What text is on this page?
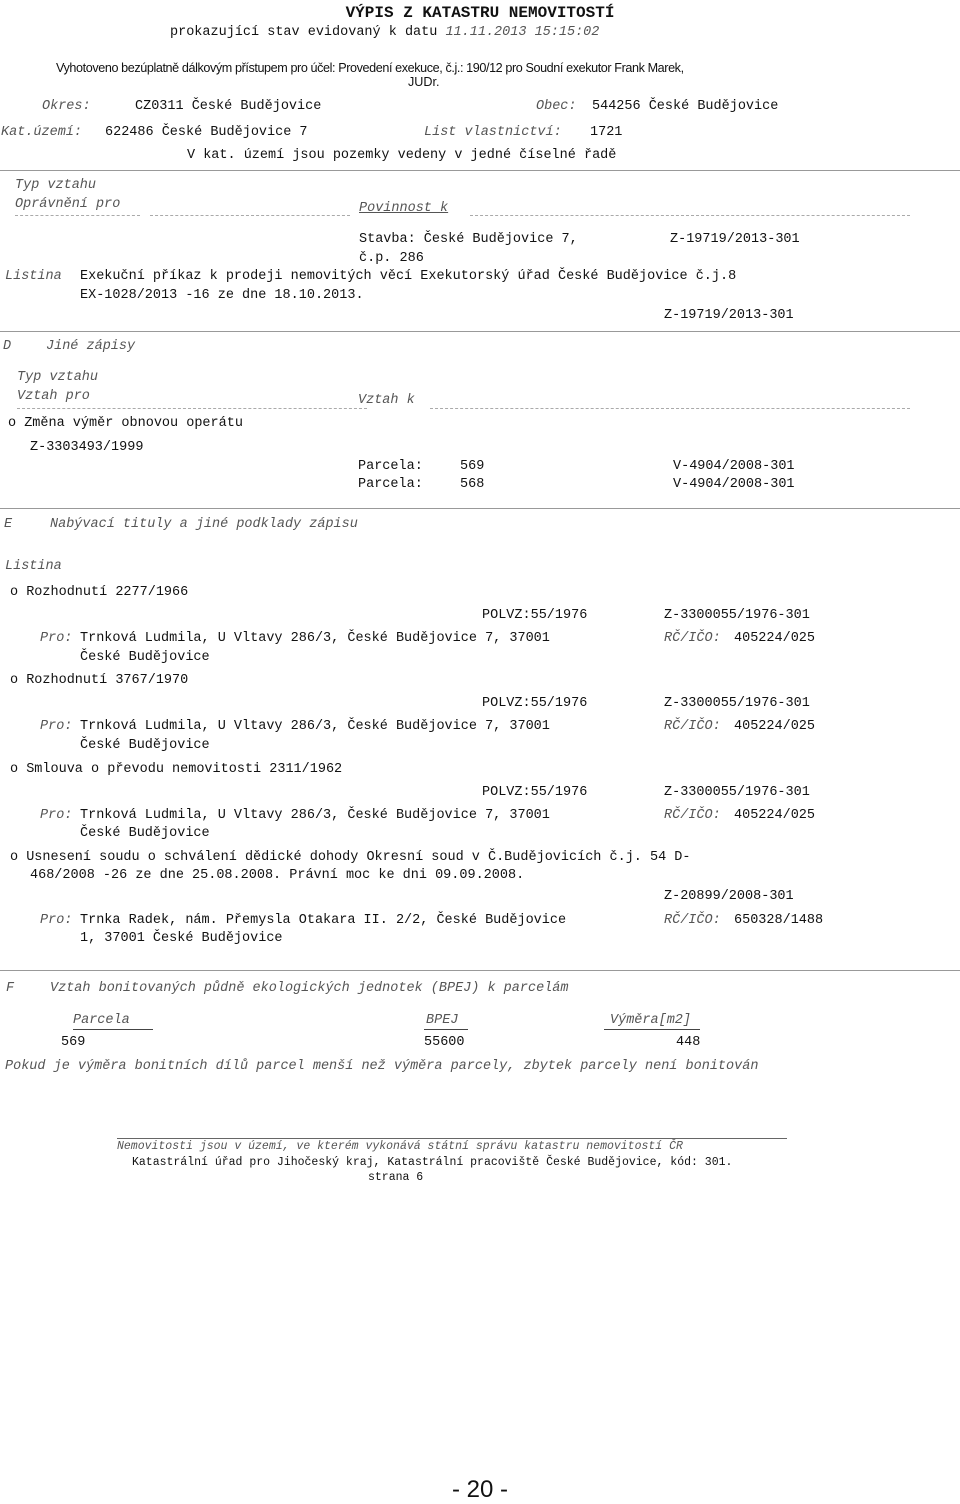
VÝPIS Z KATASTRU NEMOVITOSTÍ
prokazující stav evidovaný k datu 11.11.2013 15:15:02
Vyhotoveno bezúplatně dálkovým přístupem pro účel: Provedení exekuce, č.j.: 190/12 pro Soudní exekutor Frank Marek,
JUDr.
Okres:	CZ0311 České Budějovice	Obec: 544256 České Budějovice
Kat.území: 622486 České Budějovice 7	List vlastnictví: 1721
V kat. území jsou pozemky vedeny v jedné číselné řadě
Typ vztahu
Oprávnění pro	Povinnost k
Stavba: České Budějovice 7,	Z-19719/2013-301
č.p. 286
Listina Exekuční příkaz k prodeji nemovitých věcí Exekutorský úřad České Budějovice č.j.8
EX-1028/2013 -16 ze dne 18.10.2013.
Z-19719/2013-301
D	Jiné zápisy
Typ vztahu
Vztah pro	Vztah k
o Změna výměr obnovou operátu
Z-3303493/1999
Parcela:	569	V-4904/2008-301
Parcela:	568	V-4904/2008-301
E	Nabývací tituly a jiné podklady zápisu
Listina
o Rozhodnutí 2277/1966
POLVZ:55/1976	Z-3300055/1976-301
Pro: Trnková Ludmila, U Vltavy 286/3, České Budějovice 7, 37001
České Budějovice
RČ/IČO: 405224/025
o Rozhodnutí 3767/1970
POLVZ:55/1976	Z-3300055/1976-301
Pro: Trnková Ludmila, U Vltavy 286/3, České Budějovice 7, 37001
České Budějovice
RČ/IČO: 405224/025
o Smlouva o převodu nemovitosti 2311/1962
POLVZ:55/1976	Z-3300055/1976-301
Pro: Trnková Ludmila, U Vltavy 286/3, České Budějovice 7, 37001
České Budějovice
RČ/IČO: 405224/025
o Usnesení soudu o schválení dědické dohody Okresní soud v Č.Budějovicích č.j. 54 D-
468/2008 -26 ze dne 25.08.2008. Právní moc ke dni 09.09.2008.
Z-20899/2008-301
Pro: Trnka Radek, nám. Přemysla Otakara II. 2/2, České Budějovice
1, 37001 České Budějovice
RČ/IČO: 650328/1488
F	Vztah bonitovaných půdně ekologických jednotek (BPEJ) k parcelám
Parcela	BPEJ	Výměra[m2]
569	55600	448
Pokud je výměra bonitních dílů parcel menší než výměra parcely, zbytek parcely není bonitován
Nemovitosti jsou v území, ve kterém vykonává státní správu katastru nemovitostí ČR
Katastrální úřad pro Jihočeský kraj, Katastrální pracoviště České Budějovice, kód: 301.
strana 6
- 20 -
